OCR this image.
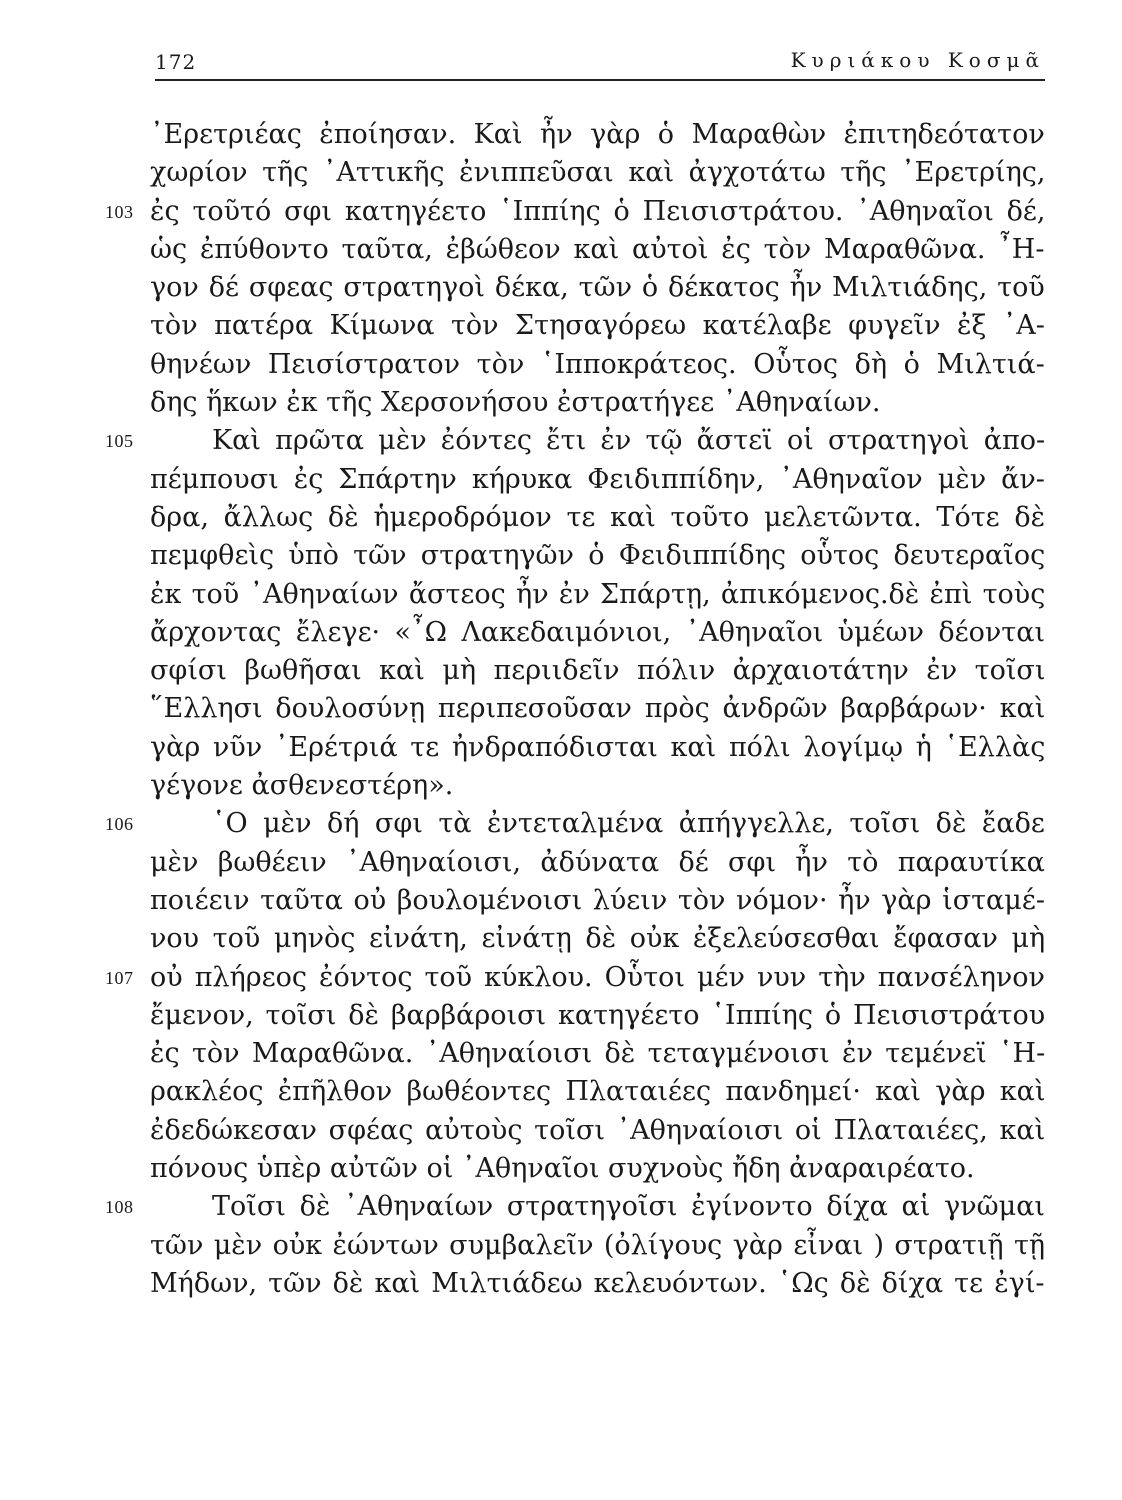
172	Κυριάκου Κοσμᾶ
᾿Ερετριέας ἐποίησαν. Καὶ ἦν γὰρ ὁ Μαραθὼν ἐπιτηδεότατον
χωρίον τῆς ᾿Αττικῆς ἐνιππεῦσαι καὶ ἀγχοτάτω τῆς ᾿Ερετρίης,
103 ἐς τοῦτό σφι κατηγέετο ῾Ιππίης ὁ Πεισιστράτου. ᾿Αθηναῖοι δέ,
ὡς ἐπύθοντο ταῦτα, ἐβώθεον καὶ αὐτοὶ ἐς τὸν Μαραθῶνα. ῏Η-
γον δέ σφεας στρατηγοὶ δέκα, τῶν ὁ δέκατος ἦν Μιλτιάδης, τοῦ
τὸν πατέρα Κίμωνα τὸν Στησαγόρεω κατέλαβε φυγεῖν ἐξ ᾿Α-
θηνέων Πεισίστρατον τὸν ῾Ιπποκράτεος. Οὗτος δὴ ὁ Μιλτιά-
δης ἥκων ἐκ τῆς Χερσονήσου ἐστρατήγεε ᾿Αθηναίων.
105	Καὶ πρῶτα μὲν ἐόντες ἔτι ἐν τῷ ἄστεϊ οἱ στρατηγοὶ ἀπο-
πέμπουσι ἐς Σπάρτην κήρυκα Φειδιππίδην, ᾿Αθηναῖον μὲν ἄν-
δρα, ἄλλως δὲ ἡμεροδρόμον τε καὶ τοῦτο μελετῶντα. Τότε δὲ
πεμφθεὶς ὑπὸ τῶν στρατηγῶν ὁ Φειδιππίδης οὗτος δευτεραῖος
ἐκ τοῦ ᾿Αθηναίων ἄστεος ἦν ἐν Σπάρτῃ, ἀπικόμενος.δὲ ἐπὶ τοὺς
ἄρχοντας ἔλεγε· «῏Ω Λακεδαιμόνιοι, ᾿Αθηναῖοι ὑμέων δέονται
σφίσι βωθῆσαι καὶ μὴ περιιδεῖν πόλιν ἀρχαιοτάτην ἐν τοῖσι
῞Ελλησι δουλοσύνῃ περιπεσοῦσαν πρὸς ἀνδρῶν βαρβάρων· καὶ
γὰρ νῦν ᾿Ερέτριά τε ἠνδραπόδισται καὶ πόλι λογίμῳ ἡ ῾Ελλὰς
γέγονε ἀσθενεστέρη».
106	῾Ο μὲν δή σφι τὰ ἐντεταλμένα ἀπήγγελλε, τοῖσι δὲ ἔαδε
μὲν βωθέειν ᾿Αθηναίοισι, ἀδύνατα δέ σφι ἦν τὸ παραυτίκα
ποιέειν ταῦτα οὐ βουλομένοισι λύειν τὸν νόμον· ἦν γὰρ ἱσταμέ-
νου τοῦ μηνὸς εἰνάτη, εἰνάτῃ δὲ οὐκ ἐξελεύσεσθαι ἔφασαν μὴ
107 οὐ πλήρεος ἐόντος τοῦ κύκλου. Οὗτοι μέν νυν τὴν πανσέληνον
ἔμενον, τοῖσι δὲ βαρβάροισι κατηγέετο ῾Ιππίης ὁ Πεισιστράτου
ἐς τὸν Μαραθῶνα. ᾿Αθηναίοισι δὲ τεταγμένοισι ἐν τεμένεϊ ῾Η-
ρακλέος ἐπῆλθον βωθέοντες Πλαταιέες πανδημεί· καὶ γὰρ καὶ
ἐδεδώκεσαν σφέας αὐτοὺς τοῖσι ᾿Αθηναίοισι οἱ Πλαταιέες, καὶ
πόνους ὑπὲρ αὐτῶν οἱ ᾿Αθηναῖοι συχνοὺς ἤδη ἀναραιρέατο.
108	Τοῖσι δὲ ᾿Αθηναίων στρατηγοῖσι ἐγίνοντο δίχα αἱ γνῶμαι
τῶν μὲν οὐκ ἐώντων συμβαλεῖν (ὀλίγους γὰρ εἶναι ) στρατιῇ τῇ
Μήδων, τῶν δὲ καὶ Μιλτιάδεω κελευόντων. ῾Ως δὲ δίχα τε ἐγί-
